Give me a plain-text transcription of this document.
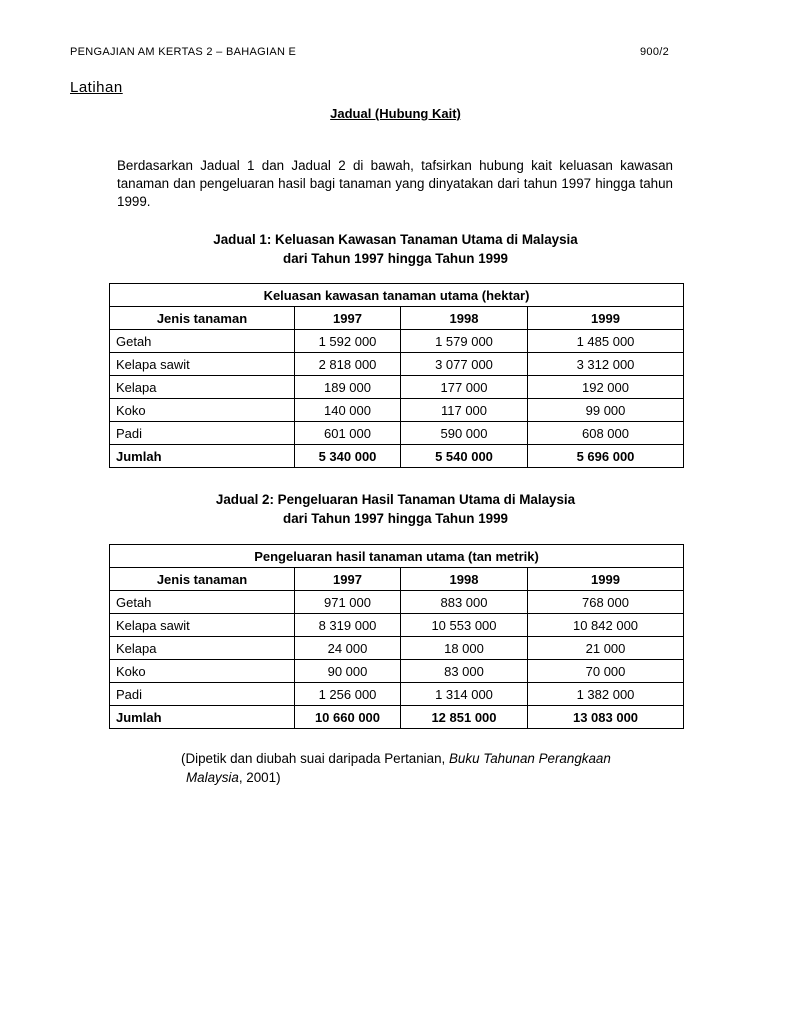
PENGAJIAN AM KERTAS 2 – BAHAGIAN E	900/2
Latihan
Jadual (Hubung Kait)
Berdasarkan Jadual 1 dan Jadual 2 di bawah, tafsirkan hubung kait keluasan kawasan tanaman dan pengeluaran hasil bagi tanaman yang dinyatakan dari tahun 1997 hingga tahun 1999.
Jadual 1: Keluasan Kawasan Tanaman Utama di Malaysia
dari Tahun 1997 hingga Tahun 1999
Keluasan kawasan tanaman utama (hektar)			
Jenis tanaman	1997	1998	1999
Getah	1 592 000	1 579 000	1 485 000
Kelapa sawit	2 818 000	3 077 000	3 312 000
Kelapa	189 000	177 000	192 000
Koko	140 000	117 000	99 000
Padi	601 000	590 000	608 000
Jumlah	5 340 000	5 540 000	5 696 000
Jadual 2: Pengeluaran Hasil Tanaman Utama di Malaysia
dari Tahun 1997 hingga Tahun 1999
Pengeluaran hasil tanaman utama (tan metrik)			
Jenis tanaman	1997	1998	1999
Getah	971 000	883 000	768 000
Kelapa sawit	8 319 000	10 553 000	10 842 000
Kelapa	24 000	18 000	21 000
Koko	90 000	83 000	70 000
Padi	1 256 000	1 314 000	1 382 000
Jumlah	10 660 000	12 851 000	13 083 000
(Dipetik dan diubah suai daripada Pertanian, Buku Tahunan Perangkaan
Malaysia, 2001)
